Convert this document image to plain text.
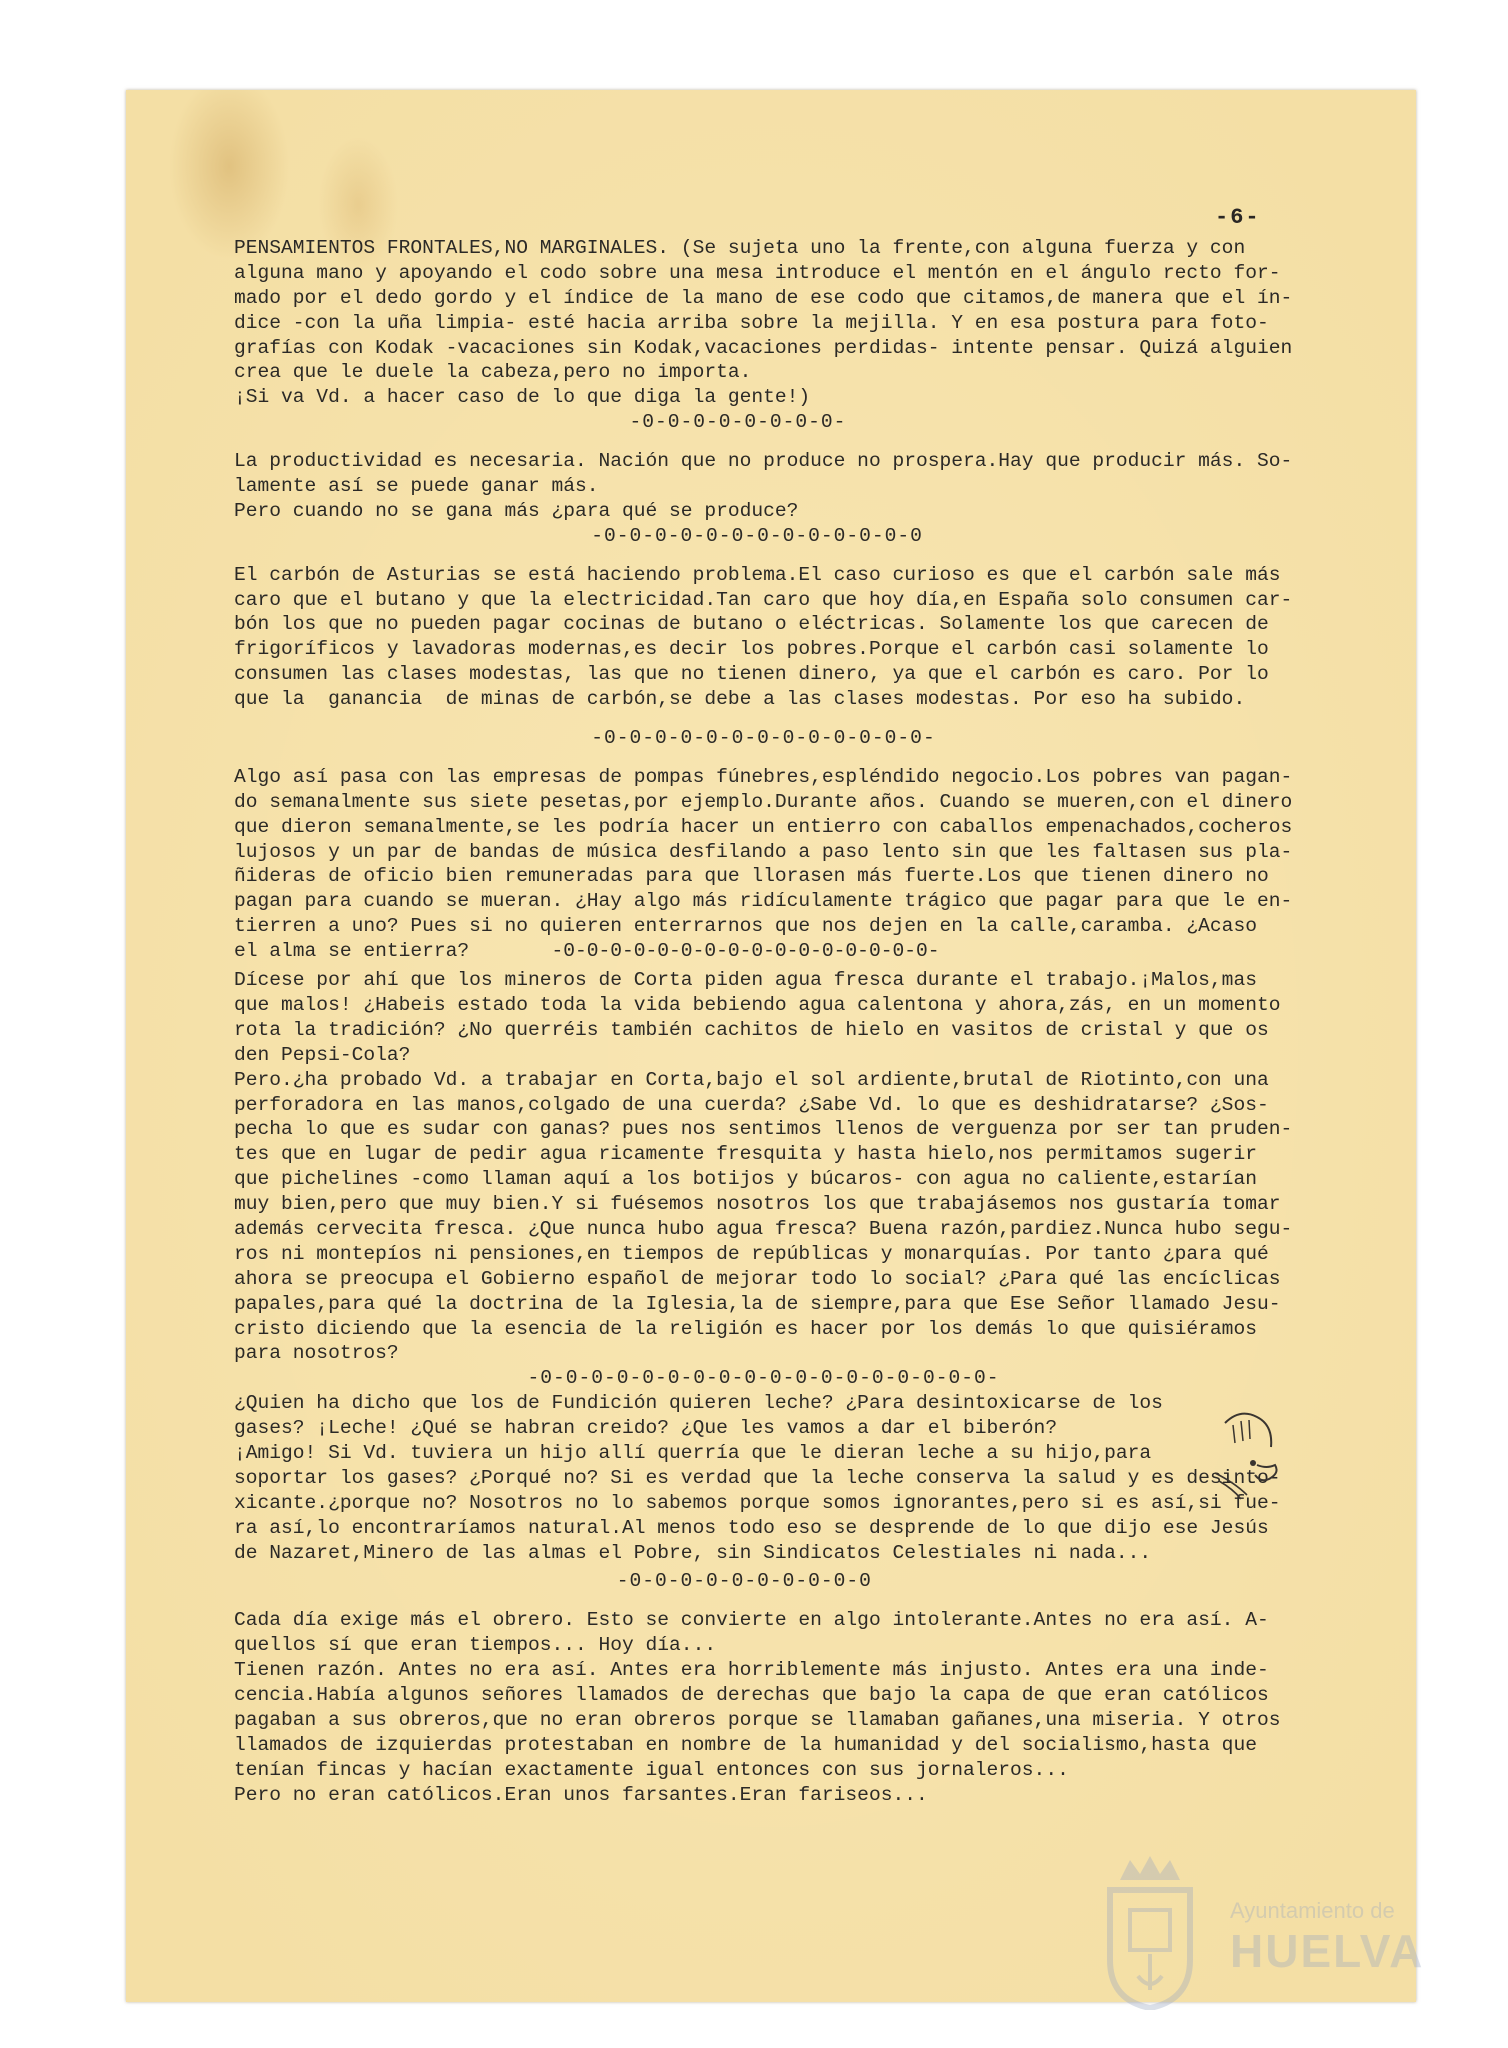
-6-
PENSAMIENTOS FRONTALES,NO MARGINALES. (Se sujeta uno la frente,con alguna fuerza y con
alguna mano y apoyando el codo sobre una mesa introduce el mentón en el ángulo recto for-
mado por el dedo gordo y el índice de la mano de ese codo que citamos,de manera que el ín-
dice -con la uña limpia- esté hacia arriba sobre la mejilla. Y en esa postura para foto-
grafías con Kodak -vacaciones sin Kodak,vacaciones perdidas- intente pensar. Quizá alguien
crea que le duele la cabeza,pero no importa.
¡Si va Vd. a hacer caso de lo que diga la gente!)
-0-0-0-0-0-0-0-0-
La productividad es necesaria. Nación que no produce no prospera.Hay que producir más. So-
lamente así se puede ganar más.
Pero cuando no se gana más ¿para qué se produce?
-0-0-0-0-0-0-0-0-0-0-0-0-0
El carbón de Asturias se está haciendo problema.El caso curioso es que el carbón sale más
caro que el butano y que la electricidad.Tan caro que hoy día,en España solo consumen car-
bón los que no pueden pagar cocinas de butano o eléctricas. Solamente los que carecen de
frigoríficos y lavadoras modernas,es decir los pobres.Porque el carbón casi solamente lo
consumen las clases modestas, las que no tienen dinero, ya que el carbón es caro. Por lo
que la  ganancia  de minas de carbón,se debe a las clases modestas. Por eso ha subido.
-0-0-0-0-0-0-0-0-0-0-0-0-0-
Algo así pasa con las empresas de pompas fúnebres,espléndido negocio.Los pobres van pagan-
do semanalmente sus siete pesetas,por ejemplo.Durante años. Cuando se mueren,con el dinero
que dieron semanalmente,se les podría hacer un entierro con caballos empenachados,cocheros
lujosos y un par de bandas de música desfilando a paso lento sin que les faltasen sus pla-
ñideras de oficio bien remuneradas para que llorasen más fuerte.Los que tienen dinero no
pagan para cuando se mueran. ¿Hay algo más ridículamente trágico que pagar para que le en-
tierren a uno? Pues si no quieren enterrarnos que nos dejen en la calle,caramba. ¿Acaso
el alma se entierra?       -0-0-0-0-0-0-0-0-0-0-0-0-0-0-0-0-
Dícese por ahí que los mineros de Corta piden agua fresca durante el trabajo.¡Malos,mas
que malos! ¿Habeis estado toda la vida bebiendo agua calentona y ahora,zás, en un momento
rota la tradición? ¿No querréis también cachitos de hielo en vasitos de cristal y que os
den Pepsi-Cola?
Pero.¿ha probado Vd. a trabajar en Corta,bajo el sol ardiente,brutal de Riotinto,con una
perforadora en las manos,colgado de una cuerda? ¿Sabe Vd. lo que es deshidratarse? ¿Sos-
pecha lo que es sudar con ganas? pues nos sentimos llenos de verguenza por ser tan pruden-
tes que en lugar de pedir agua ricamente fresquita y hasta hielo,nos permitamos sugerir
que pichelines -como llaman aquí a los botijos y búcaros- con agua no caliente,estarían
muy bien,pero que muy bien.Y si fuésemos nosotros los que trabajásemos nos gustaría tomar
además cervecita fresca. ¿Que nunca hubo agua fresca? Buena razón,pardiez.Nunca hubo segu-
ros ni montepíos ni pensiones,en tiempos de repúblicas y monarquías. Por tanto ¿para qué
ahora se preocupa el Gobierno español de mejorar todo lo social? ¿Para qué las encíclicas
papales,para qué la doctrina de la Iglesia,la de siempre,para que Ese Señor llamado Jesu-
cristo diciendo que la esencia de la religión es hacer por los demás lo que quisiéramos
para nosotros?
-0-0-0-0-0-0-0-0-0-0-0-0-0-0-0-0-0-0-
¿Quien ha dicho que los de Fundición quieren leche? ¿Para desintoxicarse de los
gases? ¡Leche! ¿Qué se habran creido? ¿Que les vamos a dar el biberón?
¡Amigo! Si Vd. tuviera un hijo allí querría que le dieran leche a su hijo,para
soportar los gases? ¿Porqué no? Si es verdad que la leche conserva la salud y es desinto-
xicante.¿porque no? Nosotros no lo sabemos porque somos ignorantes,pero si es así,si fue-
ra así,lo encontraríamos natural.Al menos todo eso se desprende de lo que dijo ese Jesús
de Nazaret,Minero de las almas el Pobre, sin Sindicatos Celestiales ni nada...
-0-0-0-0-0-0-0-0-0-0
Cada día exige más el obrero. Esto se convierte en algo intolerante.Antes no era así. A-
quellos sí que eran tiempos... Hoy día...
Tienen razón. Antes no era así. Antes era horriblemente más injusto. Antes era una inde-
cencia.Había algunos señores llamados de derechas que bajo la capa de que eran católicos
pagaban a sus obreros,que no eran obreros porque se llamaban gañanes,una miseria. Y otros
llamados de izquierdas protestaban en nombre de la humanidad y del socialismo,hasta que
tenían fincas y hacían exactamente igual entonces con sus jornaleros...
Pero no eran católicos.Eran unos farsantes.Eran fariseos...
Ayuntamiento de
HUELVA
